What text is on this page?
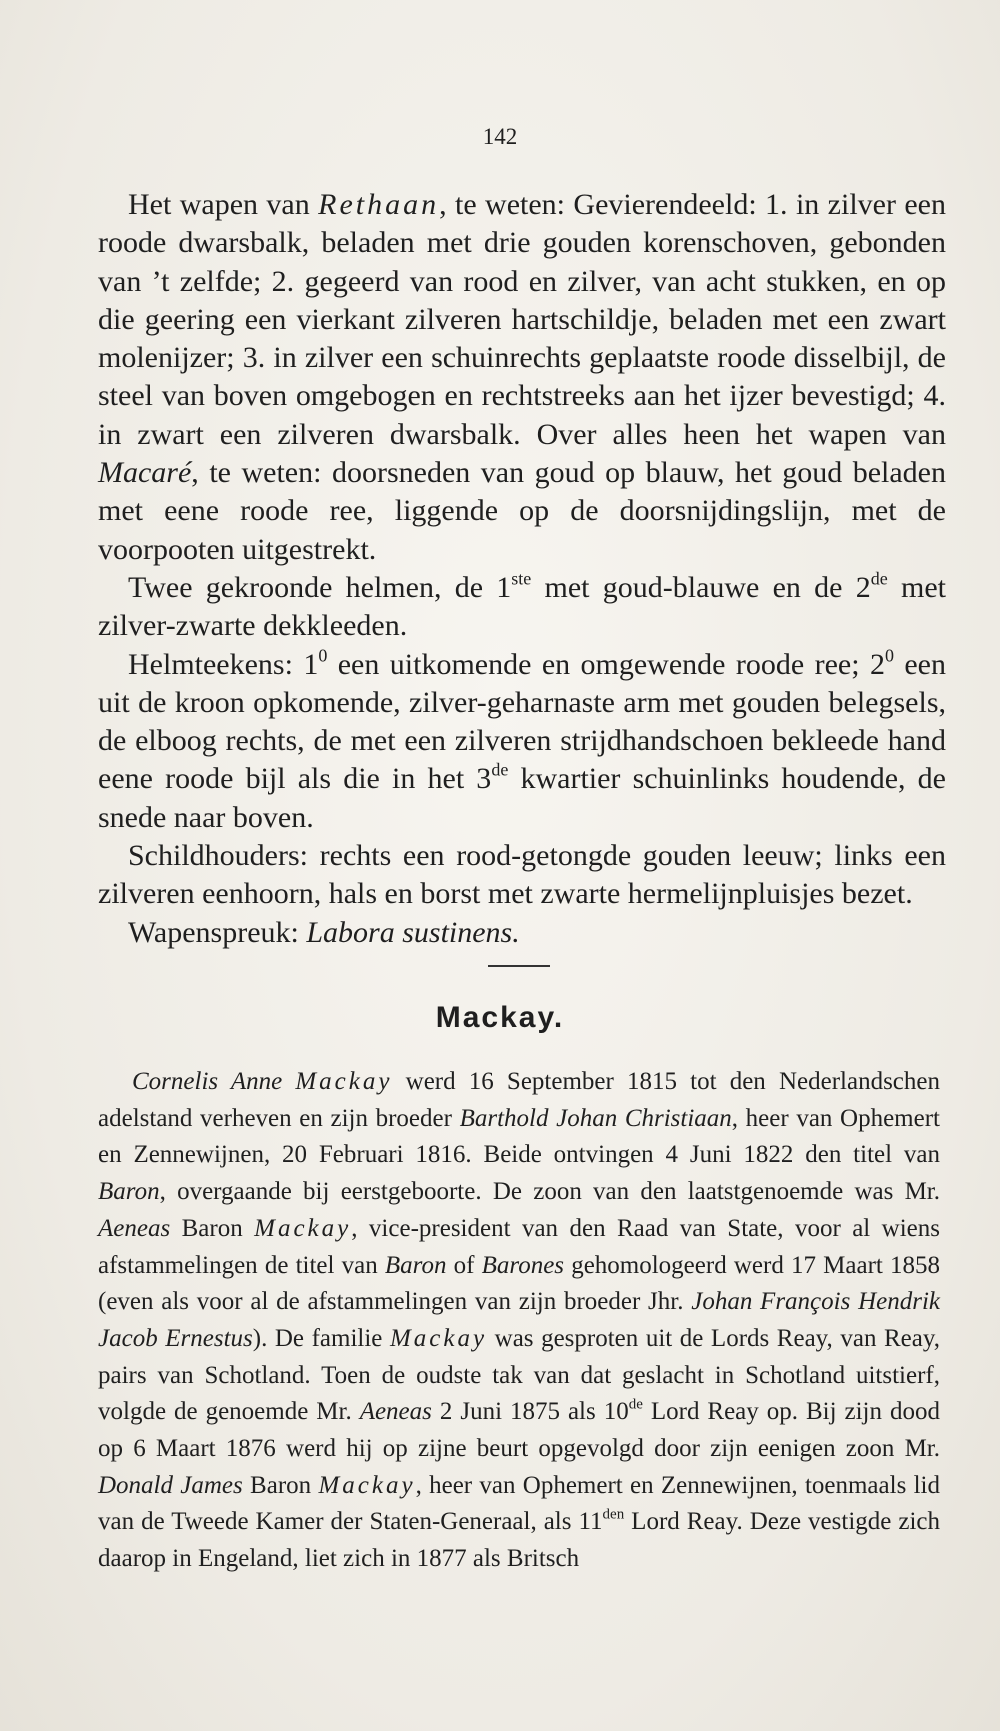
142

Het wapen van Rethaan, te weten: Gevierendeeld: 1. in zilver een roode dwarsbalk, beladen met drie gouden korenschoven, gebonden van ’t zelfde; 2. gegeerd van rood en zilver, van acht stukken, en op die geering een vierkant zilveren hartschildje, beladen met een zwart molenijzer; 3. in zilver een schuinrechts geplaatste roode disselbijl, de steel van boven omgebogen en rechtstreeks aan het ijzer bevestigd; 4. in zwart een zilveren dwarsbalk. Over alles heen het wapen van Macaré, te weten: doorsneden van goud op blauw, het goud beladen met eene roode ree, liggende op de doorsnijdingslijn, met de voorpooten uitgestrekt.

Twee gekroonde helmen, de 1ste met goud-blauwe en de 2de met zilver-zwarte dekkleeden.

Helmteekens: $1^0$ een uitkomende en omgewende roode ree; $2^0$ een uit de kroon opkomende, zilver-geharnaste arm met gouden belegsels, de elboog rechts, de met een zilveren strijdhandschoen beklеede hand eene roode bijl als die in het 3de kwartier schuinlinks houdende, de snede naar boven.

Schildhouders: rechts een rood-getongde gouden leeuw; links een zilveren eenhoorn, hals en borst met zwarte hermelijnpluisjes bezet.

Wapenspreuk: Labora sustinens.

Mackay.

Cornelis Anne Mackay werd 16 September 1815 tot den Nederlandschen adelstand verheven en zijn broeder Barthold Johan Christiaan, heer van Ophemert en Zennewijnen, 20 Februari 1816. Beide ontvingen 4 Juni 1822 den titel van Baron, overgaande bij eerstgeboorte. De zoon van den laatstgenoemde was Mr. Aeneas Baron Mackay, vice-president van den Raad van State, voor al wiens afstammelingen de titel van Baron of Barones gehomologeerd werd 17 Maart 1858 (even als voor al de afstammelingen van zijn broeder Jhr. Johan François Hendrik Jacob Ernestus). De familie Mackay was gesproten uit de Lords Reay, van Reay, pairs van Schotland. Toen de oudste tak van dat geslacht in Schotland uitstierf, volgde de genoemde Mr. Aeneas 2 Juni 1875 als 10de Lord Reay op. Bij zijn dood op 6 Maart 1876 werd hij op zijne beurt opgevolgd door zijn eenigen zoon Mr. Donald James Baron Mackay, heer van Ophemert en Zennewijnen, toenmaals lid van de Tweede Kamer der Staten-Generaal, als $11^{den}$ Lord Reay. Deze vestigde zich daarop in Engeland, liet zich in 1877 als Britsch
